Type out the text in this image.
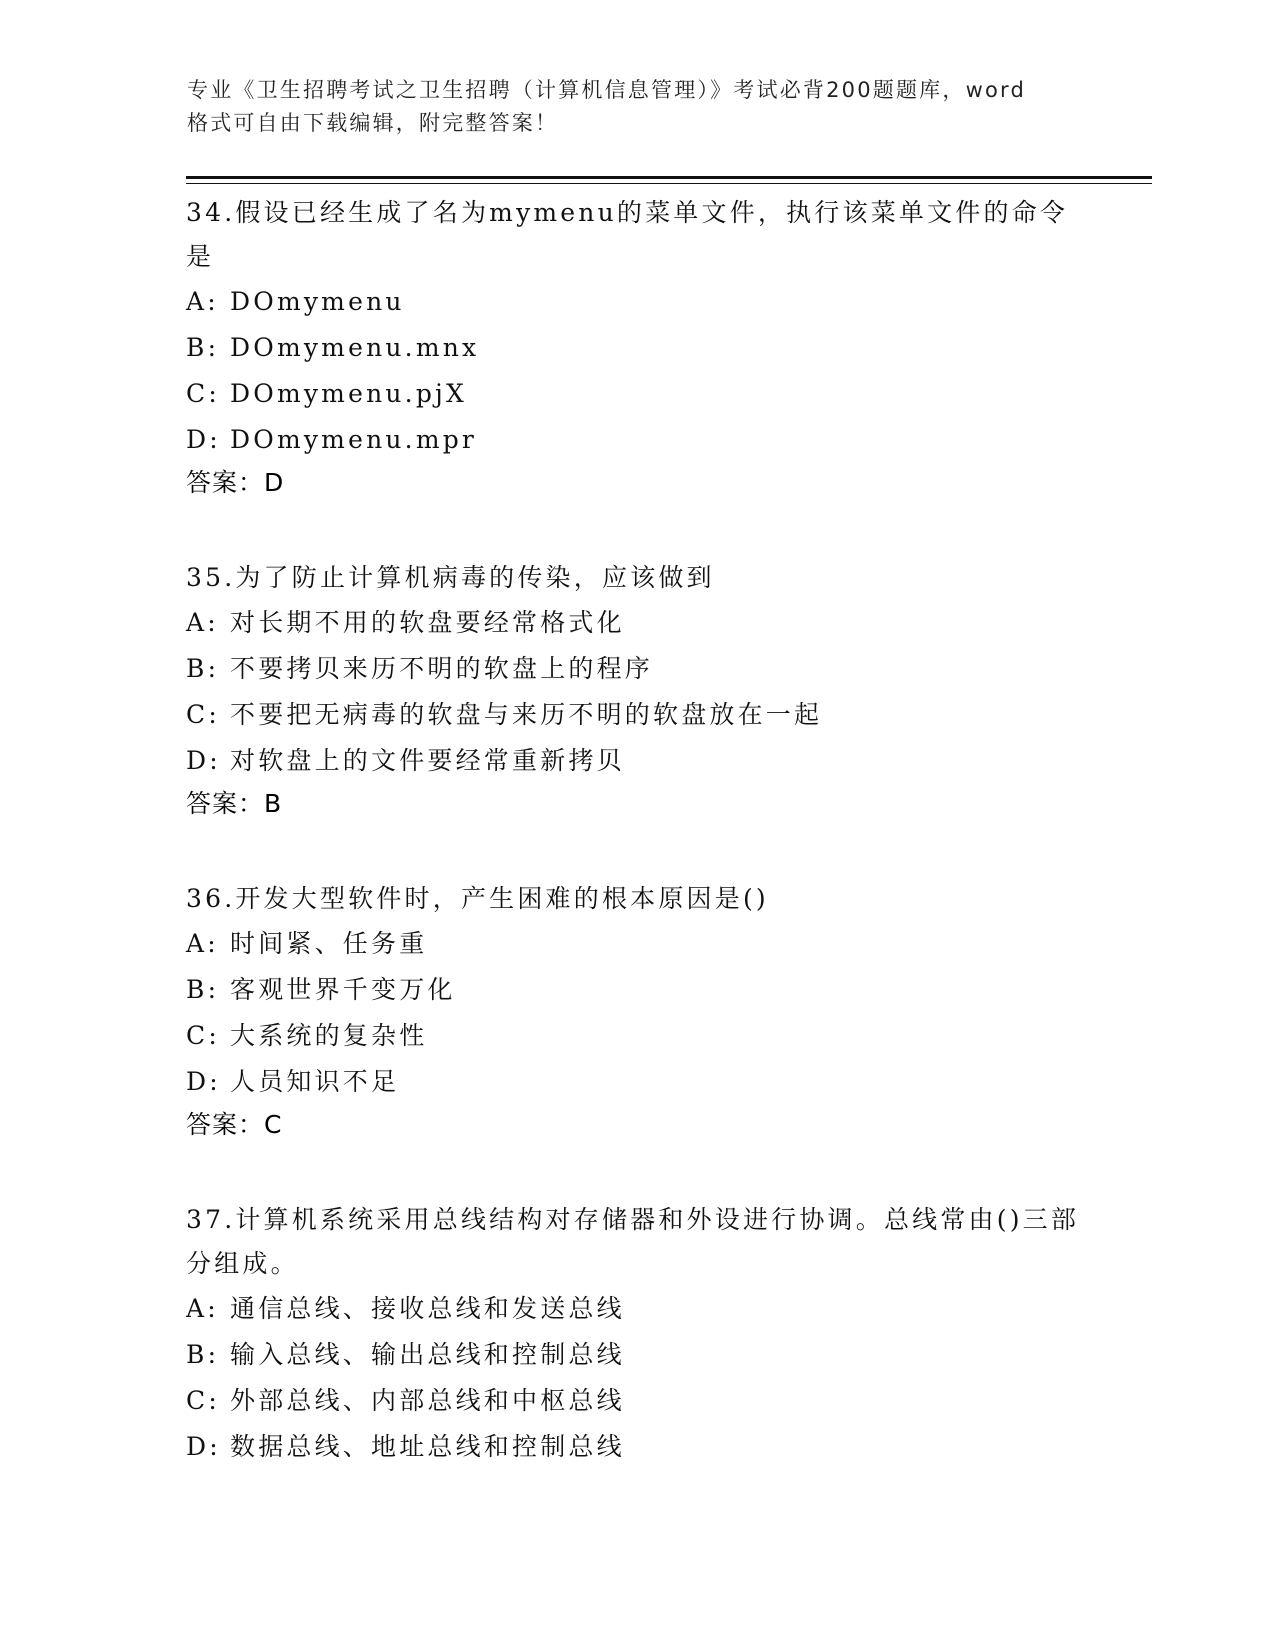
专业《卫生招聘考试之卫生招聘（计算机信息管理）》考试必背200题题库，word
格式可自由下载编辑，附完整答案！
34.假设已经生成了名为mymenu的菜单文件，执行该菜单文件的命令是
A: DOmymenu
B: DOmymenu.mnx
C: DOmymenu.pjX
D: DOmymenu.mpr
答案：D
35.为了防止计算机病毒的传染，应该做到
A: 对长期不用的软盘要经常格式化
B: 不要拷贝来历不明的软盘上的程序
C: 不要把无病毒的软盘与来历不明的软盘放在一起
D: 对软盘上的文件要经常重新拷贝
答案：B
36.开发大型软件时，产生困难的根本原因是()
A: 时间紧、任务重
B: 客观世界千变万化
C: 大系统的复杂性
D: 人员知识不足
答案：C
37.计算机系统采用总线结构对存储器和外设进行协调。总线常由()三部分组成。
A: 通信总线、接收总线和发送总线
B: 输入总线、输出总线和控制总线
C: 外部总线、内部总线和中枢总线
D: 数据总线、地址总线和控制总线
